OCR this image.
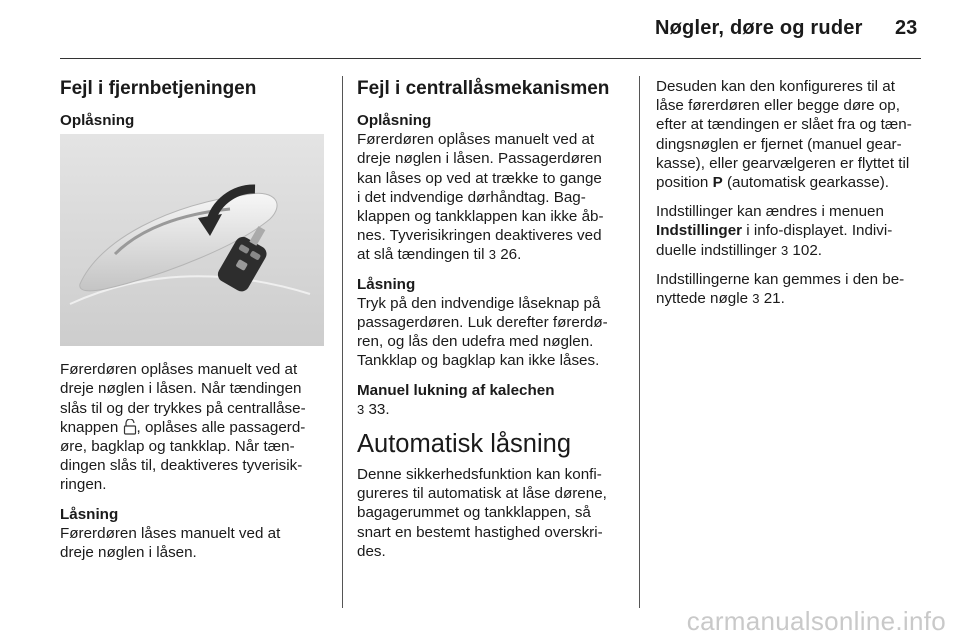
Nøgler, døre og ruder 23
Fejl i fjernbetjeningen
Oplåsning

Førerdøren oplåses manuelt ved at
dreje nøglen i låsen. Når tændingen
slås til og der trykkes på centrallåse-
knappen , oplåses alle passagerd-
øre, bagklap og tankklap. Når tæn-
dingen slås til, deaktiveres tyverisik-
ringen.

Låsning

Førerdøren låses manuelt ved at
dreje nøglen i låsen.

Fejl i centrallåsmekanismen
Oplåsning

Førerdøren oplåses manuelt ved at
dreje nøglen i låsen. Passagerdøren
kan låses op ved at trække to gange
i det indvendige dørhåndtag. Bag-
klappen og tankklappen kan ikke åb-
nes. Tyverisikringen deaktiveres ved
at slå tændingen til 3 26.

Låsning

Tryk på den indvendige låseknap på
passagerdøren. Luk derefter førerdø-
ren, og lås den udefra med nøglen.
Tankklap og bagklap kan ikke låses.

Manuel lukning af kalechen

3 33.

Automatisk låsning

Denne sikkerhedsfunktion kan konfi-
gureres til automatisk at låse dørene,
bagagerummet og tankklappen, så
snart en bestemt hastighed overskri-
des.

Desuden kan den konfigureres til at
låse førerdøren eller begge døre op,
efter at tændingen er slået fra og tæn-
dingsnøglen er fjernet (manuel gear-
kasse), eller gearvælgeren er flyttet til
position P (automatisk gearkasse).

Indstillinger kan ændres i menuen
Indstillinger i info-displayet. Indivi-
duelle indstillinger 3 102.

Indstillingerne kan gemmes i den be-
nyttede nøgle 3 21.

carmanualsonline.info
